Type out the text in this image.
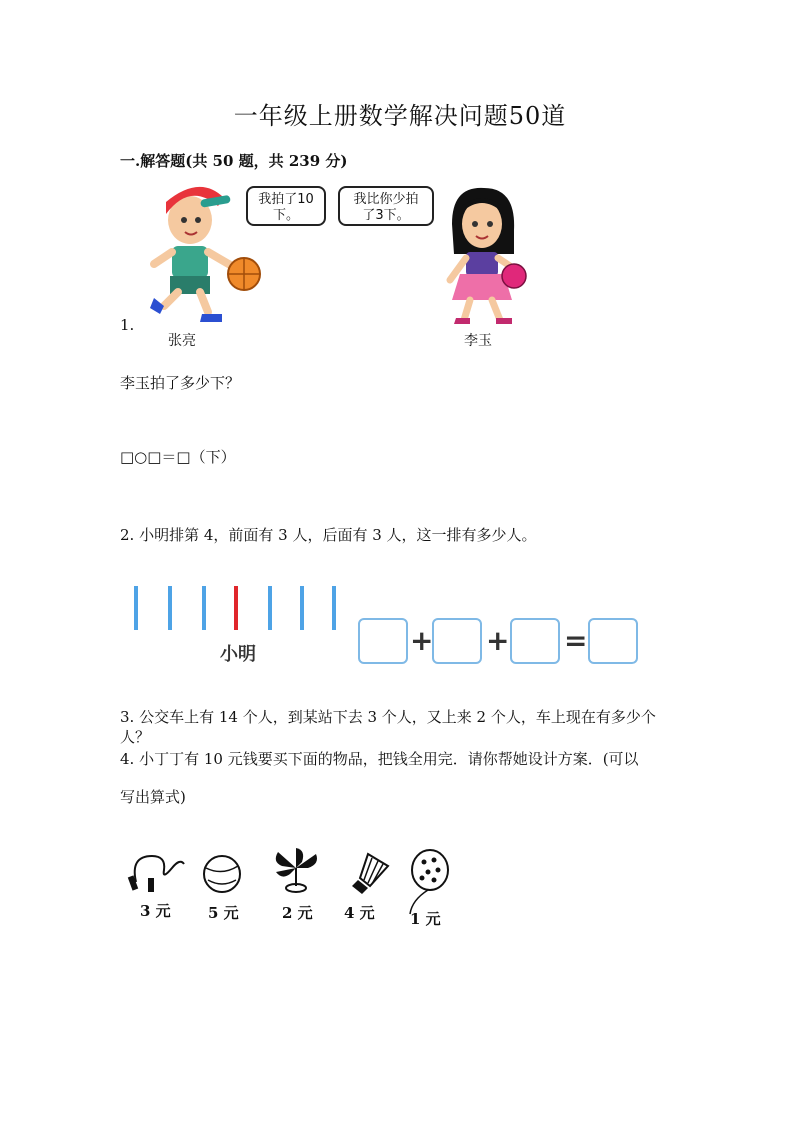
一年级上册数学解决问题50道
一.解答题(共 50 题，共 239 分)
我拍了10
下。
我比你少拍
了3下。
1.
张亮	李玉
李玉拍了多少下？
□○□＝□（下）
2. 小明排第 4，前面有 3 人，后面有 3 人，这一排有多少人。
小明	+ + =
3. 公交车上有 14 个人，到某站下去 3 个人，又上来 2 个人，车上现在有多少个
人？
4. 小丁丁有 10 元钱要买下面的物品，把钱全用完．请你帮她设计方案．(可以
写出算式)
3 元 5 元	2 元 4 元 1 元
